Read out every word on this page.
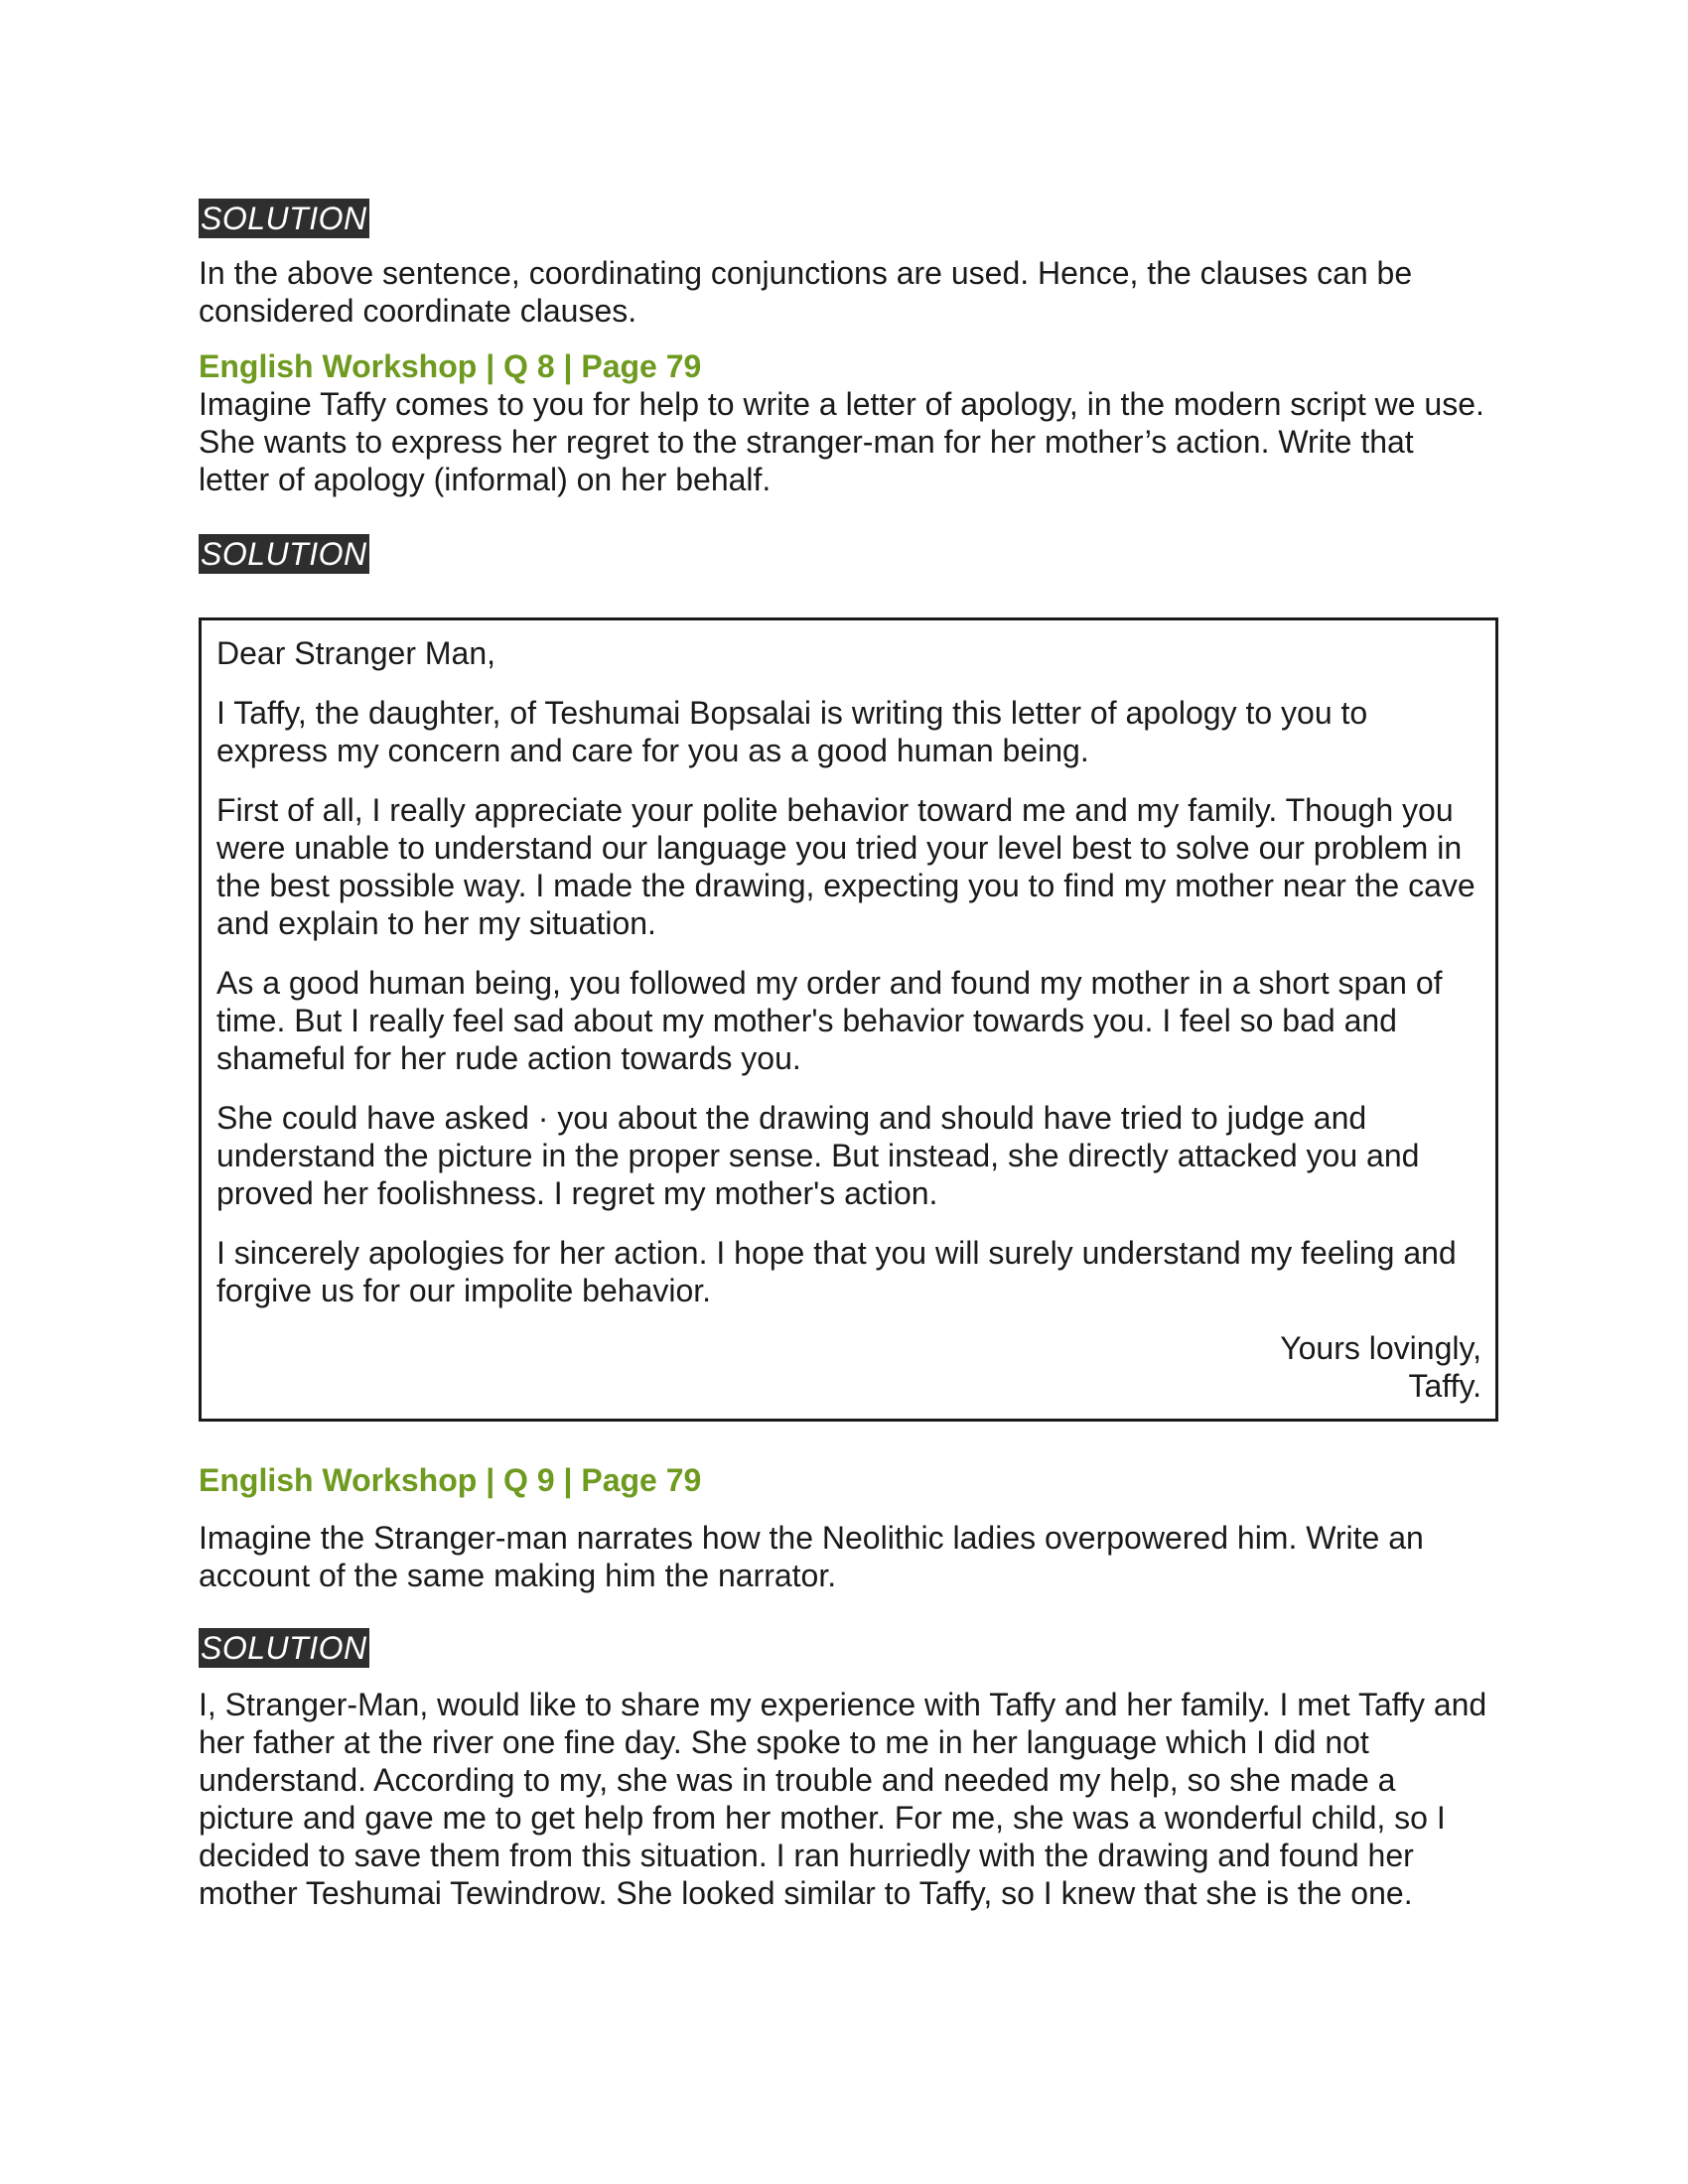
SOLUTION

In the above sentence, coordinating conjunctions are used. Hence, the clauses can be considered coordinate clauses.

English Workshop | Q 8 | Page 79

Imagine Taffy comes to you for help to write a letter of apology, in the modern script we use. She wants to express her regret to the stranger-man for her mother’s action. Write that letter of apology (informal) on her behalf.

SOLUTION

Dear Stranger Man,

I Taffy, the daughter, of Teshumai Bopsalai is writing this letter of apology to you to express my concern and care for you as a good human being.

First of all, I really appreciate your polite behavior toward me and my family. Though you were unable to understand our language you tried your level best to solve our problem in the best possible way. I made the drawing, expecting you to find my mother near the cave and explain to her my situation.

As a good human being, you followed my order and found my mother in a short span of time. But I really feel sad about my mother's behavior towards you. I feel so bad and shameful for her rude action towards you.

She could have asked · you about the drawing and should have tried to judge and understand the picture in the proper sense. But instead, she directly attacked you and proved her foolishness. I regret my mother's action.

I sincerely apologies for her action. I hope that you will surely understand my feeling and forgive us for our impolite behavior.

Yours lovingly,

Taffy.

English Workshop | Q 9 | Page 79

Imagine the Stranger-man narrates how the Neolithic ladies overpowered him. Write an account of the same making him the narrator.

SOLUTION

I, Stranger-Man, would like to share my experience with Taffy and her family. I met Taffy and her father at the river one fine day. She spoke to me in her language which I did not understand. According to my, she was in trouble and needed my help, so she made a picture and gave me to get help from her mother. For me, she was a wonderful child, so I decided to save them from this situation. I ran hurriedly with the drawing and found her mother Teshumai Tewindrow. She looked similar to Taffy, so I knew that she is the one.
